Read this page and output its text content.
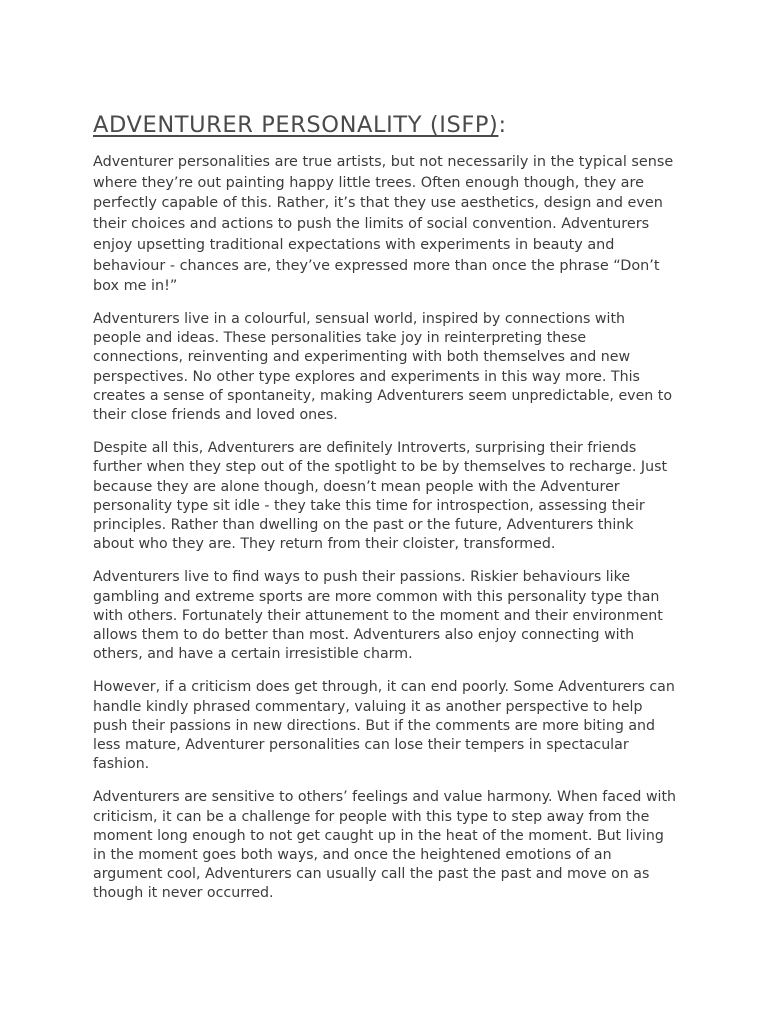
ADVENTURER PERSONALITY (ISFP):

Adventurer personalities are true artists, but not necessarily in the typical sense where they’re out painting happy little trees. Often enough though, they are perfectly capable of this. Rather, it’s that they use aesthetics, design and even their choices and actions to push the limits of social convention. Adventurers enjoy upsetting traditional expectations with experiments in beauty and behaviour - chances are, they’ve expressed more than once the phrase “Don’t box me in!”

Adventurers live in a colourful, sensual world, inspired by connections with people and ideas. These personalities take joy in reinterpreting these connections, reinventing and experimenting with both themselves and new perspectives. No other type explores and experiments in this way more. This creates a sense of spontaneity, making Adventurers seem unpredictable, even to their close friends and loved ones.

Despite all this, Adventurers are definitely Introverts, surprising their friends further when they step out of the spotlight to be by themselves to recharge. Just because they are alone though, doesn’t mean people with the Adventurer personality type sit idle - they take this time for introspection, assessing their principles. Rather than dwelling on the past or the future, Adventurers think about who they are. They return from their cloister, transformed.

Adventurers live to find ways to push their passions. Riskier behaviours like gambling and extreme sports are more common with this personality type than with others. Fortunately their attunement to the moment and their environment allows them to do better than most. Adventurers also enjoy connecting with others, and have a certain irresistible charm.

However, if a criticism does get through, it can end poorly. Some Adventurers can handle kindly phrased commentary, valuing it as another perspective to help push their passions in new directions. But if the comments are more biting and less mature, Adventurer personalities can lose their tempers in spectacular fashion.

Adventurers are sensitive to others’ feelings and value harmony. When faced with criticism, it can be a challenge for people with this type to step away from the moment long enough to not get caught up in the heat of the moment. But living in the moment goes both ways, and once the heightened emotions of an argument cool, Adventurers can usually call the past the past and move on as though it never occurred.
